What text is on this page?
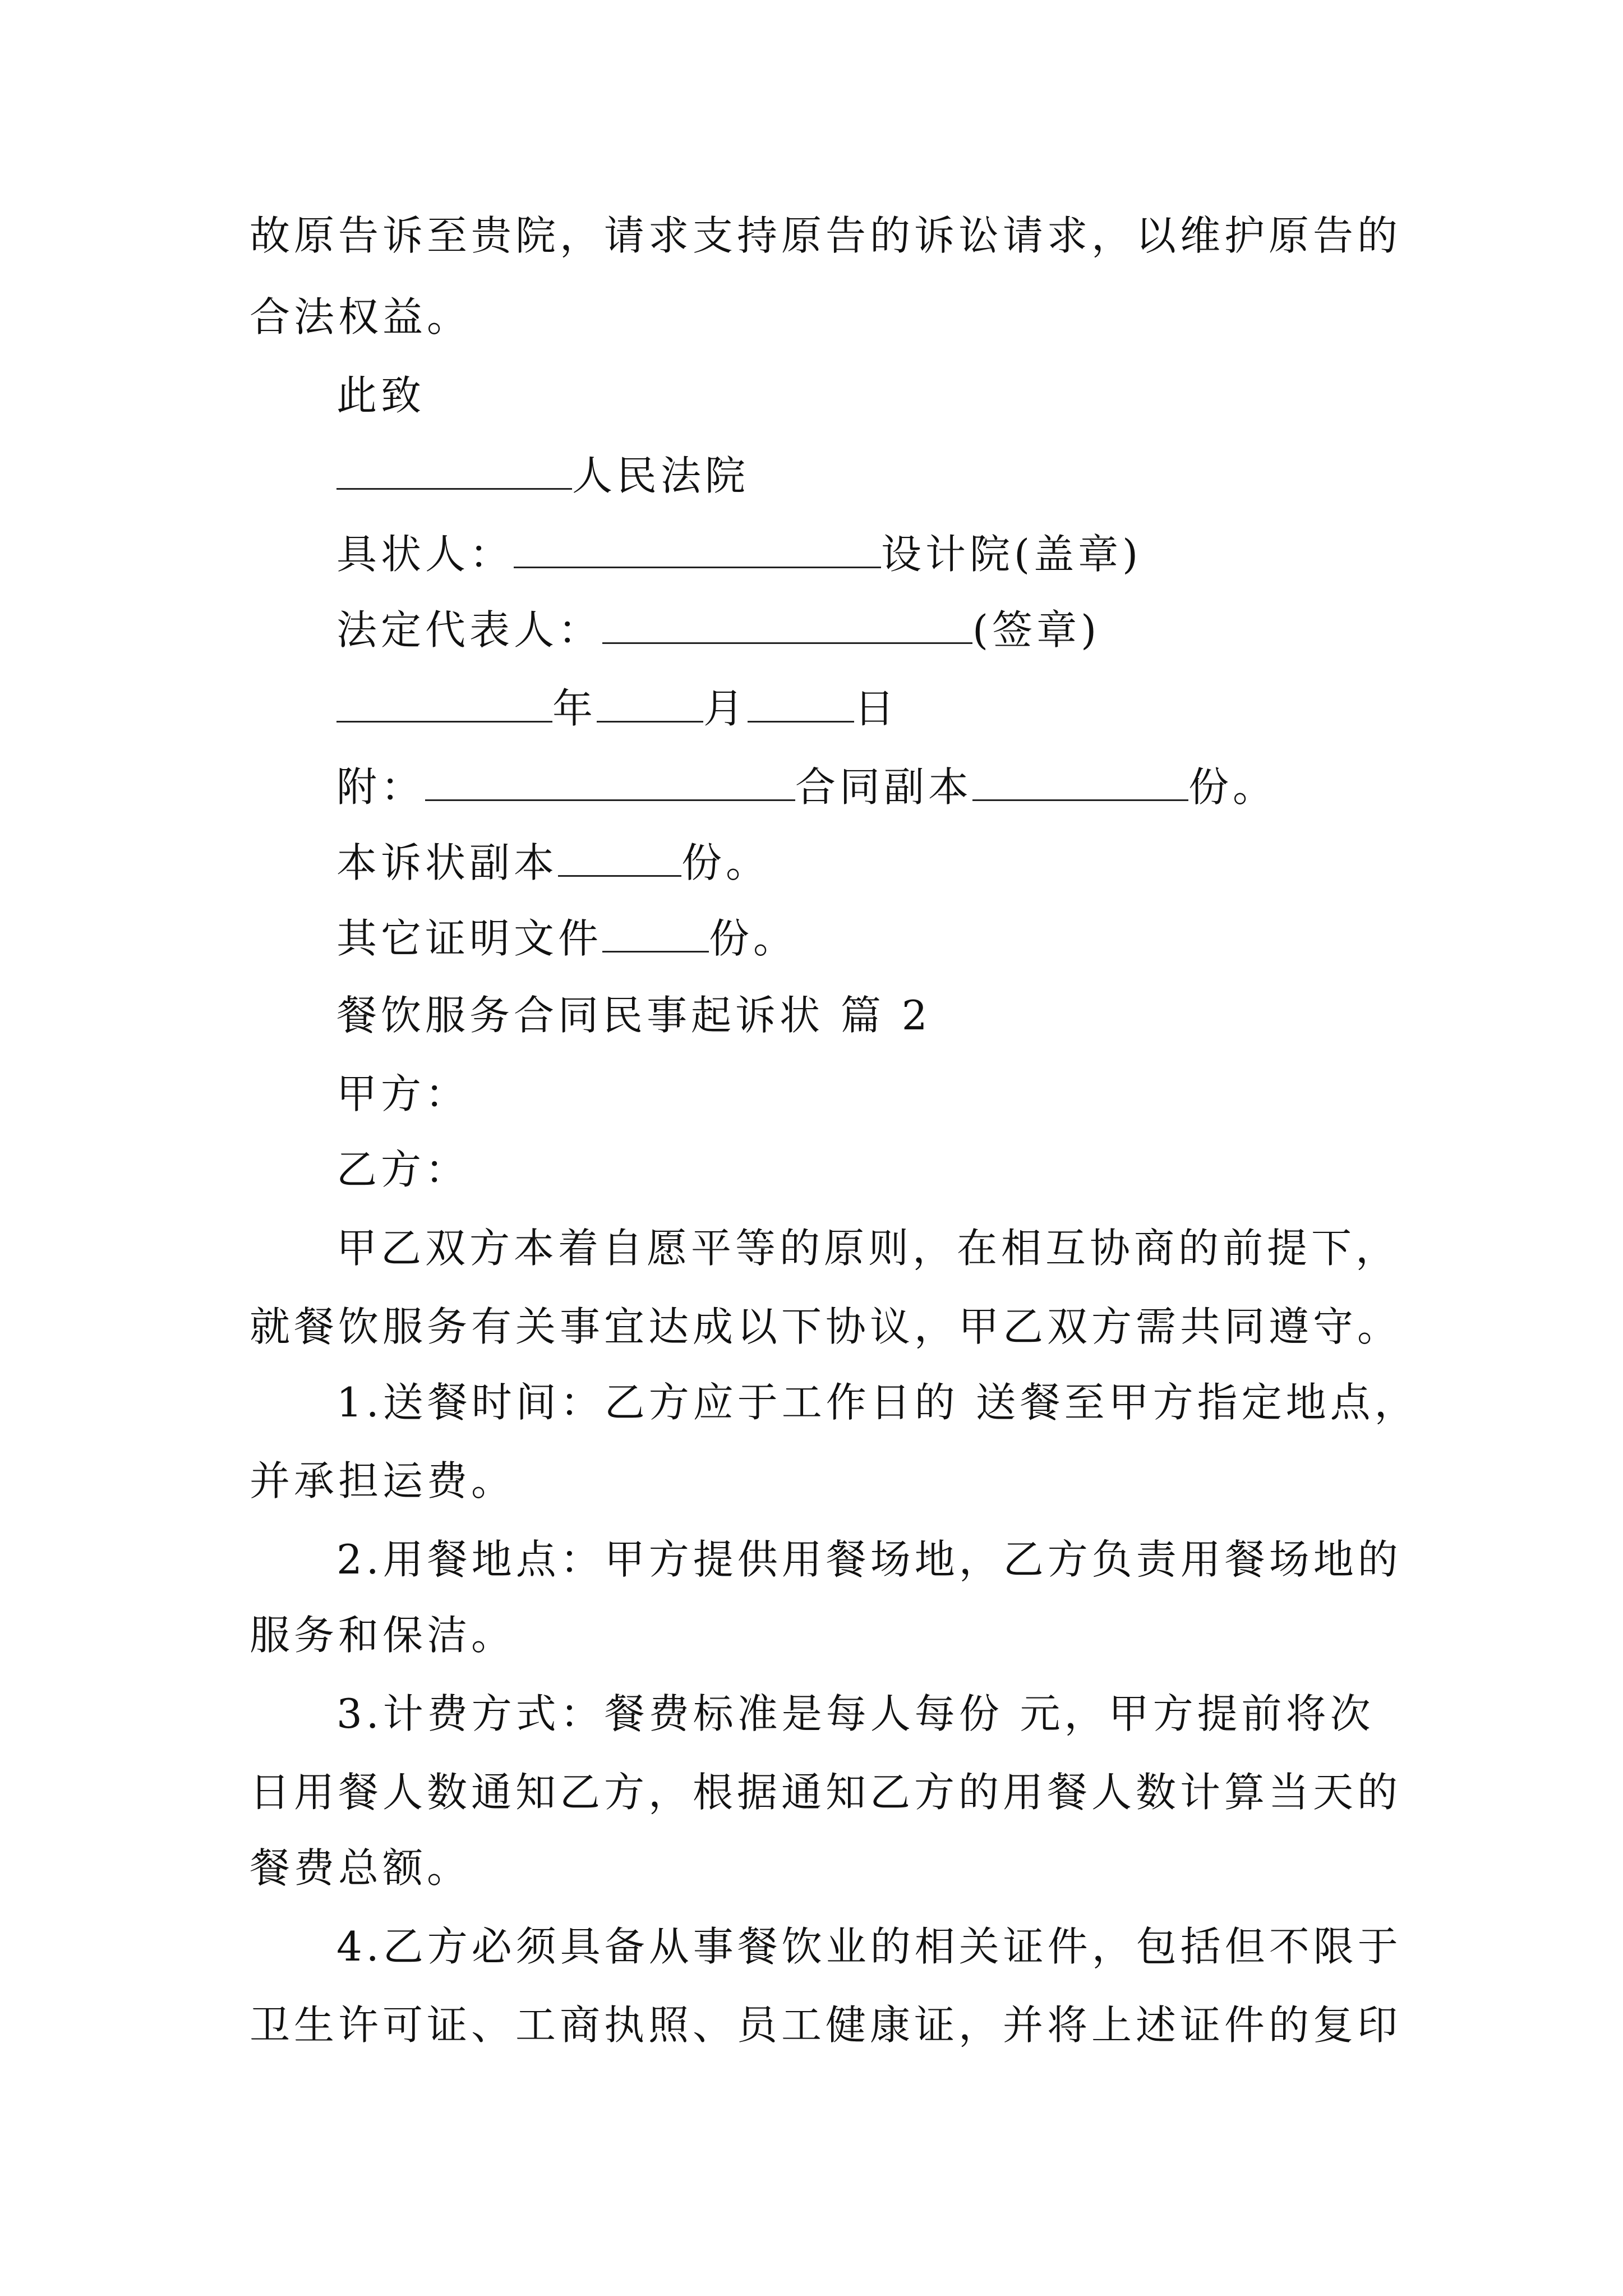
故原告诉至贵院，请求支持原告的诉讼请求，以维护原告的
合法权益。
此致
人民法院
具状人：	设计院(盖章)
法定代表人：	(签章)
年	月	日
附：	合同副本	份。
本诉状副本	份。
其它证明文件	份。
餐饮服务合同民事起诉状 篇 2
甲方：
乙方：
甲乙双方本着自愿平等的原则，在相互协商的前提下，
就餐饮服务有关事宜达成以下协议，甲乙双方需共同遵守。
1.送餐时间：乙方应于工作日的 送餐至甲方指定地点，
并承担运费。
2.用餐地点：甲方提供用餐场地，乙方负责用餐场地的
服务和保洁。
3.计费方式：餐费标准是每人每份 元，甲方提前将次
日用餐人数通知乙方，根据通知乙方的用餐人数计算当天的
餐费总额。
4.乙方必须具备从事餐饮业的相关证件，包括但不限于
卫生许可证、工商执照、员工健康证，并将上述证件的复印
